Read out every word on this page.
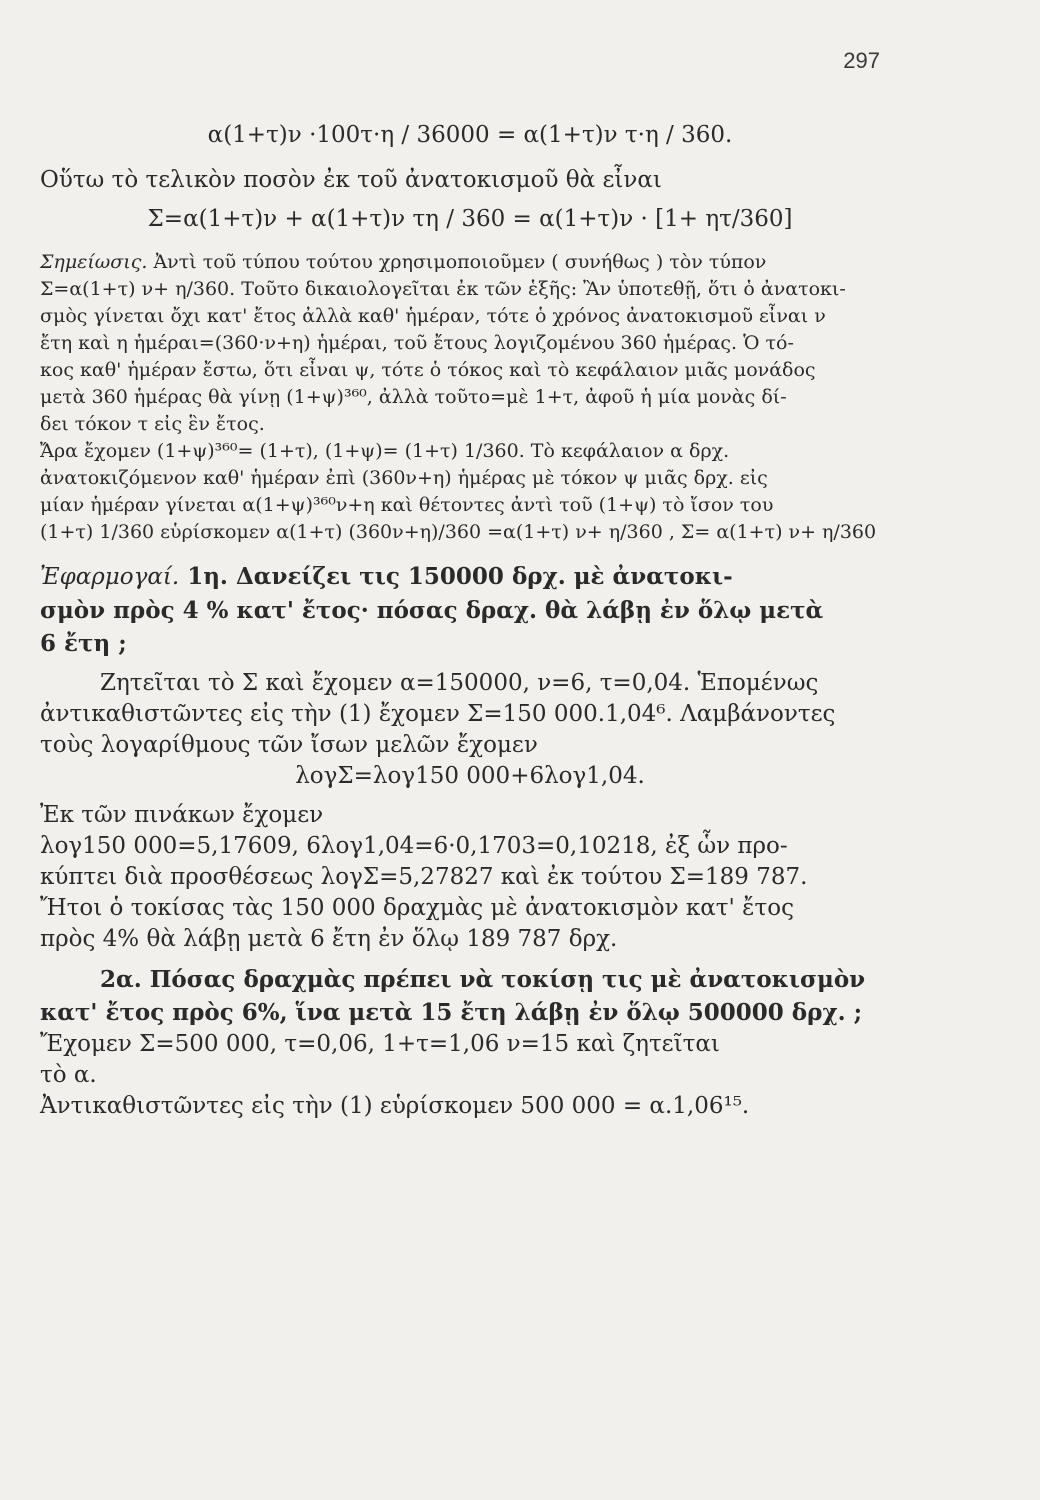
297

α(1+τ)ν ·100τ·η / 36000 = α(1+τ)ν τ·η / 360.

Οὕτω τὸ τελικὸν ποσὸν ἐκ τοῦ ἀνατοκισμοῦ θὰ εἶναι

Σ=α(1+τ)ν + α(1+τ)ν τη / 360 = α(1+τ)ν · [1+ ητ/360]

Σημείωσις. Ἀντὶ τοῦ τύπου τούτου χρησιμοποιοῦμεν ( συνήθως ) τὸν τύπον

Σ=α(1+τ) ν+ η/360. Τοῦτο δικαιολογεῖται ἐκ τῶν ἑξῆς: Ἂν ὑποτεθῇ, ὅτι ὁ ἀνατοκι-

σμὸς γίνεται ὄχι κατ' ἔτος ἀλλὰ καθ' ἡμέραν, τότε ὁ χρόνος ἀνατοκισμοῦ εἶναι ν

ἔτη καὶ η ἡμέραι=(360·ν+η) ἡμέραι, τοῦ ἔτους λογιζομένου 360 ἡμέρας. Ὁ τό-

κος καθ' ἡμέραν ἔστω, ὅτι εἶναι ψ, τότε ὁ τόκος καὶ τὸ κεφάλαιον μιᾶς μονάδος

μετὰ 360 ἡμέρας θὰ γίνῃ (1+ψ)³⁶⁰, ἀλλὰ τοῦτο=μὲ 1+τ, ἀφοῦ ἡ μία μονὰς δί-

δει τόκον τ εἰς ἓν ἔτος.

Ἄρα ἔχομεν (1+ψ)³⁶⁰= (1+τ), (1+ψ)= (1+τ) 1/360. Τὸ κεφάλαιον α δρχ.

ἀνατοκιζόμενον καθ' ἡμέραν ἐπὶ (360ν+η) ἡμέρας μὲ τόκον ψ μιᾶς δρχ. εἰς

μίαν ἡμέραν γίνεται α(1+ψ)³⁶⁰ν+η καὶ θέτοντες ἀντὶ τοῦ (1+ψ) τὸ ἴσον του

(1+τ) 1/360 εὑρίσκομεν α(1+τ) (360ν+η)/360 =α(1+τ) ν+ η/360 , Σ= α(1+τ) ν+ η/360

Ἐφαρμογαί. 1η. Δανείζει τις 150000 δρχ. μὲ ἀνατοκι-

σμὸν πρὸς 4 % κατ' ἔτος· πόσας δραχ. θὰ λάβῃ ἐν ὅλῳ μετὰ

6 ἔτη ;

Ζητεῖται τὸ Σ καὶ ἔχομεν α=150000, ν=6, τ=0,04. Ἑπομένως

ἀντικαθιστῶντες εἰς τὴν (1) ἔχομεν Σ=150 000.1,04⁶. Λαμβάνοντες

τοὺς λογαρίθμους τῶν ἴσων μελῶν ἔχομεν

λογΣ=λογ150 000+6λογ1,04.

Ἐκ τῶν πινάκων ἔχομεν

λογ150 000=5,17609, 6λογ1,04=6·0,1703=0,10218, ἐξ ὧν προ-

κύπτει διὰ προσθέσεως λογΣ=5,27827 καὶ ἐκ τούτου Σ=189 787.

Ἤτοι ὁ τοκίσας τὰς 150 000 δραχμὰς μὲ ἀνατοκισμὸν κατ' ἔτος

πρὸς 4% θὰ λάβῃ μετὰ 6 ἔτη ἐν ὅλῳ 189 787 δρχ.

2α. Πόσας δραχμὰς πρέπει νὰ τοκίσῃ τις μὲ ἀνατοκισμὸν

κατ' ἔτος πρὸς 6%, ἵνα μετὰ 15 ἔτη λάβῃ ἐν ὅλῳ 500000 δρχ. ;

Ἔχομεν Σ=500 000, τ=0,06, 1+τ=1,06 ν=15 καὶ ζητεῖται

τὸ α.

Ἀντικαθιστῶντες εἰς τὴν (1) εὑρίσκομεν 500 000 = α.1,06¹⁵.
